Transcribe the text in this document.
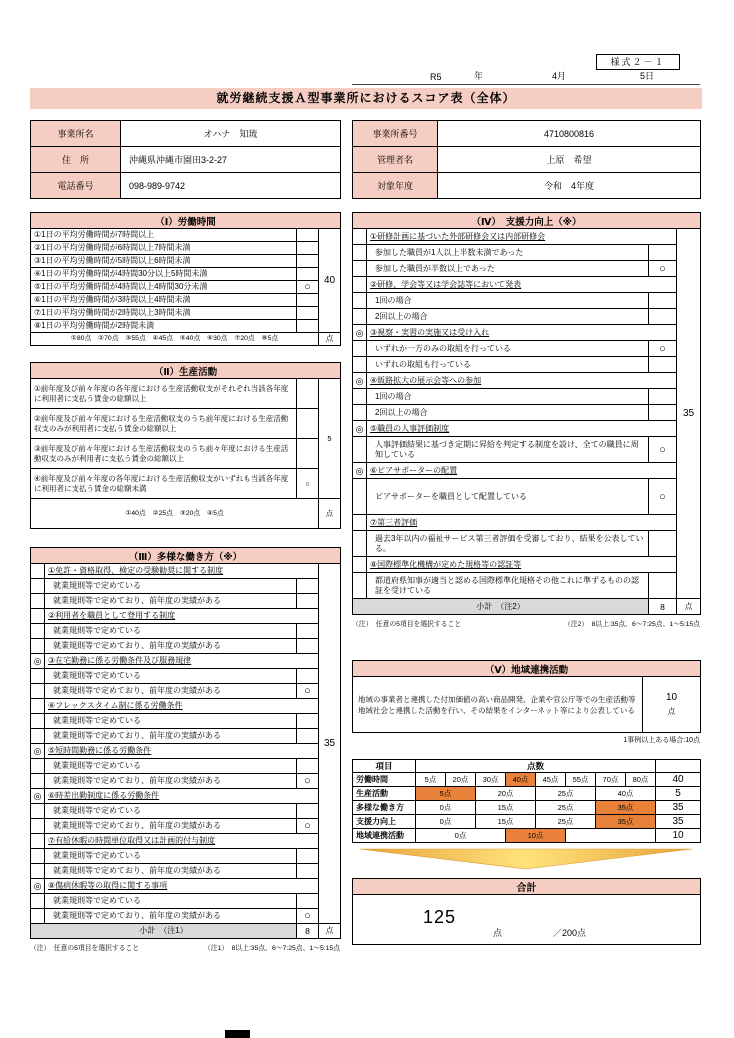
様式２－１
R5	年	4月	5日
就労継続支援Ａ型事業所におけるスコア表（全体）
事業所名	オハナ　知琉
住　所	沖縄県沖縄市園田3-2-27
電話番号	098-989-9742
事業所番号	4710800816
管理者名	上原　希望
対象年度	令和　4年度
（Ⅰ）労働時間		
①1日の平均労働時間が7時間以上		40
②1日の平均労働時間が6時間以上7時間未満		
③1日の平均労働時間が5時間以上6時間未満		
④1日の平均労働時間が4時間30分以上5時間未満		
⑤1日の平均労働時間が4時間以上4時間30分未満	○	
⑥1日の平均労働時間が3時間以上4時間未満		
⑦1日の平均労働時間が2時間以上3時間未満		
⑧1日の平均労働時間が2時間未満		
①80点　②70点　③55点　④45点　⑤40点　⑥30点　⑦20点　⑧5点		点
（Ⅱ）生産活動		
①前年度及び前々年度の各年度における生産活動収支がそれぞれ当該各年度に利用者に支払う賃金の総額以上		5
②前年度及び前々年度における生産活動収支のうち前年度における生産活動収支のみが利用者に支払う賃金の総額以上		
③前年度及び前々年度における生産活動収支のうち前々年度における生産活動収支のみが利用者に支払う賃金の総額以上		
④前年度及び前々年度の各年度における生産活動収支がいずれも当該各年度に利用者に支払う賃金の総額未満	○	
①40点　②25点　③20点　④5点		点
（Ⅲ）多様な働き方（※）			
	①免許・資格取得、検定の受験勧奨に関する制度		35
	就業規則等で定めている		
	就業規則等で定めており、前年度の実績がある		
	②利用者を職員として登用する制度		
	就業規則等で定めている		
	就業規則等で定めており、前年度の実績がある		
◎	③在宅勤務に係る労働条件及び服務規律		
	就業規則等で定めている		
	就業規則等で定めており、前年度の実績がある	○	
	④フレックスタイム制に係る労働条件		
	就業規則等で定めている		
	就業規則等で定めており、前年度の実績がある		
◎	⑤短時間勤務に係る労働条件		
	就業規則等で定めている		
	就業規則等で定めており、前年度の実績がある	○	
◎	⑥時差出勤制度に係る労働条件		
	就業規則等で定めている		
	就業規則等で定めており、前年度の実績がある	○	
	⑦有給休暇の時間単位取得又は計画的付与制度		
	就業規則等で定めている		
	就業規則等で定めており、前年度の実績がある		
◎	⑧傷病休暇等の取得に関する事項		
	就業規則等で定めている		
	就業規則等で定めており、前年度の実績がある	○	
小計　（注1）		8	点
（注）　任意の5項目を選択すること	（注1）　8以上:35点、6～7:25点、1～5:15点
（Ⅳ）　支援力向上（※）			
	①研修計画に基づいた外部研修会又は内部研修会		35
	参加した職員が1人以上半数未満であった		
	参加した職員が半数以上であった	○	
	②研修、学会等又は学会誌等において発表		
	1回の場合		
	2回以上の場合		
◎	③視察・実習の実施又は受け入れ		
	いずれか一方のみの取組を行っている	○	
	いずれの取組も行っている		
◎	④販路拡大の展示会等への参加		
	1回の場合		
	2回以上の場合		
◎	⑤職員の人事評価制度		
	人事評価結果に基づき定期に昇給を判定する制度を設け、全ての職員に周知している	○	
◎	⑥ピアサポーターの配置		
	ピアサポーターを職員として配置している	○	
	⑦第三者評価		
	過去3年以内の福祉サービス第三者評価を受審しており、結果を公表している。		
	⑧国際標準化機構が定めた規格等の認証等		
	都道府県知事が適当と認める国際標準化規格その他これに準ずるものの認証を受けている		
小計　（注2）		8	点
（注）　任意の5項目を選択すること	（注2）　8以上:35点、6～7:25点、1～5:15点
（Ⅴ）地域連携活動
地域の事業者と連携した付加価値の高い商品開発、企業や官公庁等での生産活動等地域社会と連携した活動を行い、その結果をインターネット等により公表している	
10
点
1事例以上ある場合:10点
項目	点数								
労働時間	5点	20点	30点	40点	45点	55点	70点	80点	40
生産活動	5点		20点		25点		40点		5
多様な働き方	0点		15点		25点		35点		35
支援力向上	0点		15点		25点		35点		35
地域連携活動	0点			10点					10
合計

125
点	／200点
